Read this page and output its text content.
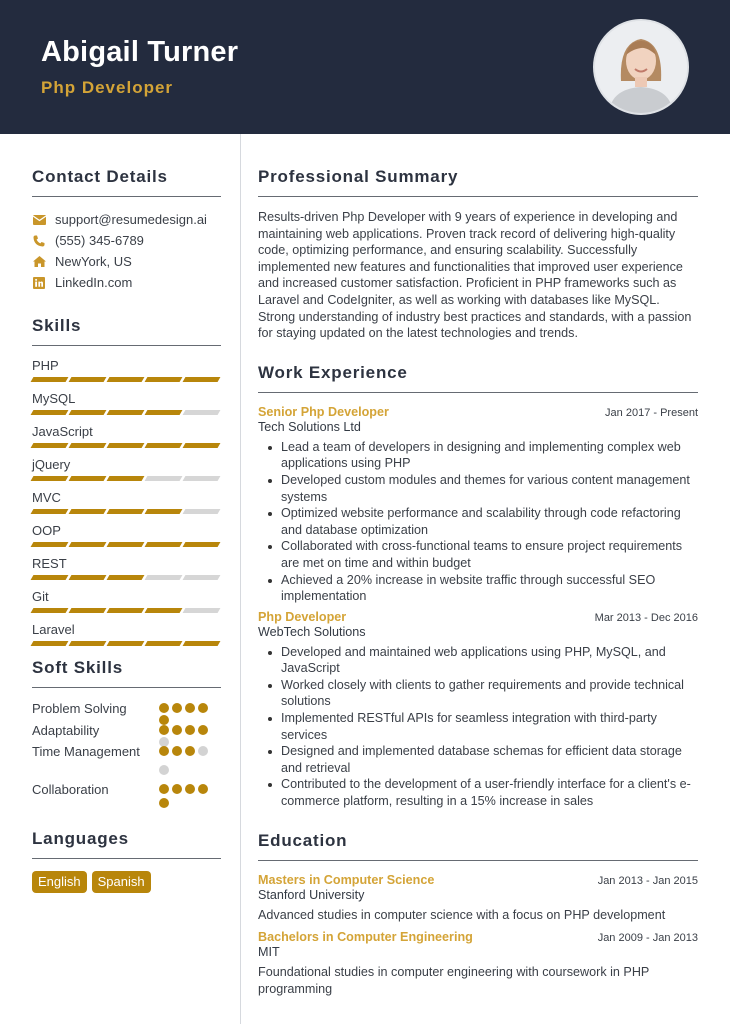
Abigail Turner
Php Developer
Contact Details
support@resumedesign.ai
(555) 345-6789
NewYork, US
LinkedIn.com
Skills
PHP
MySQL
JavaScript
jQuery
MVC
OOP
REST
Git
Laravel
Soft Skills
Problem Solving
Adaptability
Time Management
Collaboration
Languages
English	Spanish
Professional Summary

Results-driven Php Developer with 9 years of experience in developing and maintaining web applications. Proven track record of delivering high-quality code, optimizing performance, and ensuring scalability. Successfully implemented new features and functionalities that improved user experience and increased customer satisfaction. Proficient in PHP frameworks such as Laravel and CodeIgniter, as well as working with databases like MySQL. Strong understanding of industry best practices and standards, with a passion for staying updated on the latest technologies and trends.

Work Experience
Senior Php Developer	Jan 2017 - Present
Tech Solutions Ltd
Lead a team of developers in designing and implementing complex web applications using PHP
Developed custom modules and themes for various content management systems
Optimized website performance and scalability through code refactoring and database optimization
Collaborated with cross-functional teams to ensure project requirements are met on time and within budget
Achieved a 20% increase in website traffic through successful SEO implementation
Php Developer	Mar 2013 - Dec 2016
WebTech Solutions
Developed and maintained web applications using PHP, MySQL, and JavaScript
Worked closely with clients to gather requirements and provide technical solutions
Implemented RESTful APIs for seamless integration with third-party services
Designed and implemented database schemas for efficient data storage and retrieval
Contributed to the development of a user-friendly interface for a client's e-commerce platform, resulting in a 15% increase in sales
Education
Masters in Computer Science	Jan 2013 - Jan 2015
Stanford University
Advanced studies in computer science with a focus on PHP development
Bachelors in Computer Engineering	Jan 2009 - Jan 2013
MIT
Foundational studies in computer engineering with coursework in PHP programming
